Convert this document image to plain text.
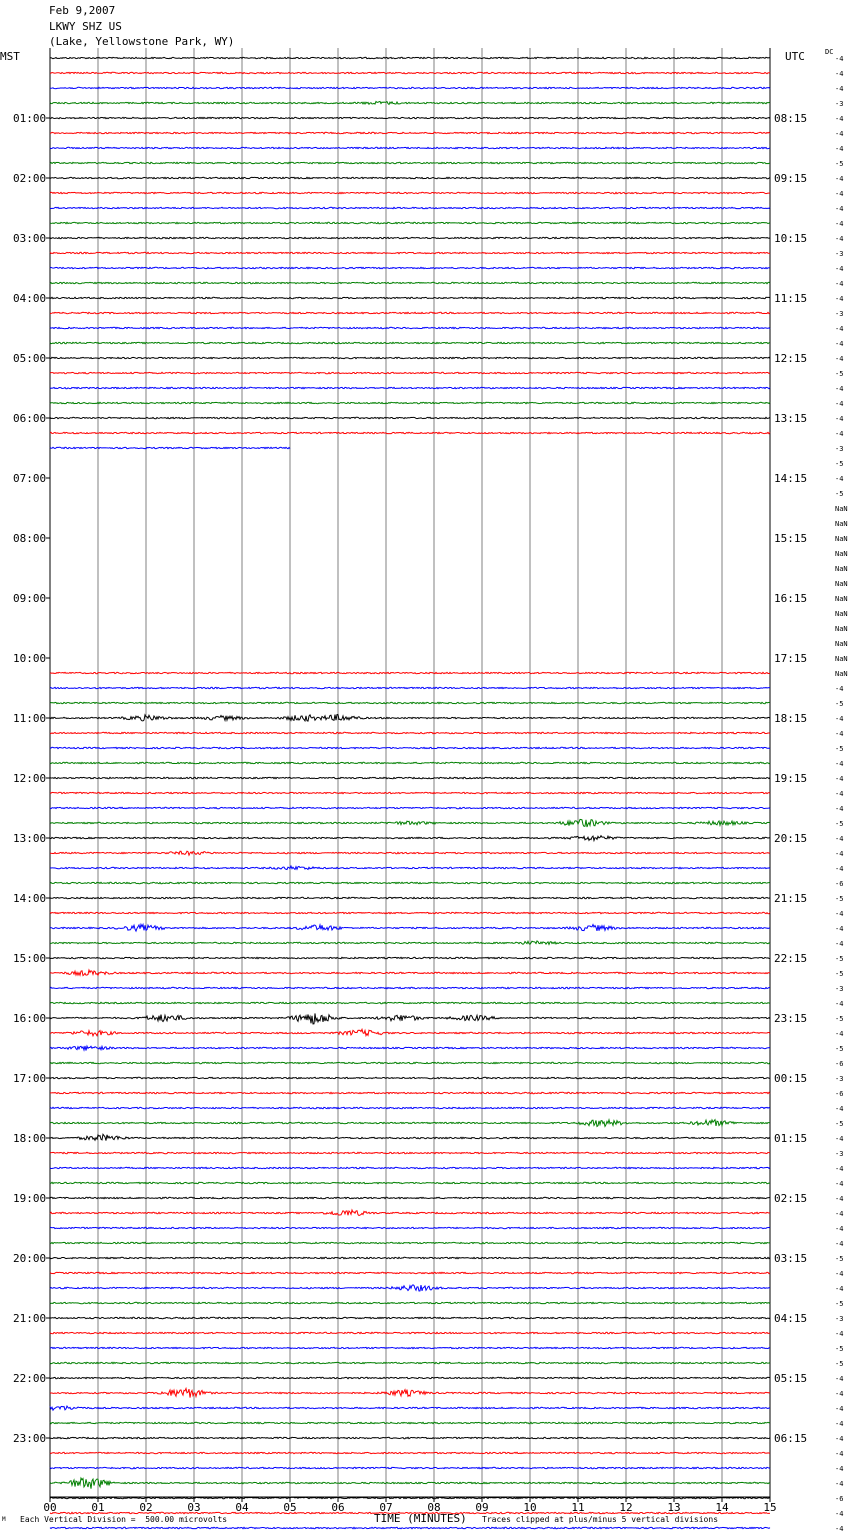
Feb 9,2007
LKWY SHZ US
(Lake, Yellowstone Park, WY)
MST	UTC	DC
00	01	02	03	04	05	06	07	08	09	10	11	12	13	14	15
01:00
02:00
03:00
04:00
05:00
06:00
07:00
08:00
09:00
10:00
11:00
12:00
13:00
14:00
15:00
16:00
17:00
18:00
19:00
20:00
21:00
22:00
23:00
08:15
09:15
10:15
11:15
12:15
13:15
14:15
15:15
16:15
17:15
18:15
19:15
20:15
21:15
22:15
23:15
00:15
01:15
02:15
03:15
04:15
05:15
06:15
-4
-4
-4
-3
-4
-4
-4
-5
-4
-4
-4
-4
-4
-3
-4
-4
-4
-3
-4
-4
-4
-5
-4
-4
-4
-4
-3
-5
-4
-5
NaN
NaN
NaN
NaN
NaN
NaN
NaN
NaN
NaN
NaN
NaN
NaN
-4
-5
-4
-4
-5
-4
-4
-4
-4
-5
-4
-4
-4
-6
-5
-4
-4
-4
-5
-5
-3
-4
-5
-4
-5
-6
-3
-6
-4
-5
-4
-3
-4
-4
-4
-4
-4
-4
-5
-4
-4
-5
-3
-4
-5
-5
-4
-4
-4
-4
-4
-4
-4
-4
-6
-4
-4
M Each Vertical Division =  500.00 microvolts	TIME (MINUTES) Traces clipped at plus/minus 5 vertical divisions
